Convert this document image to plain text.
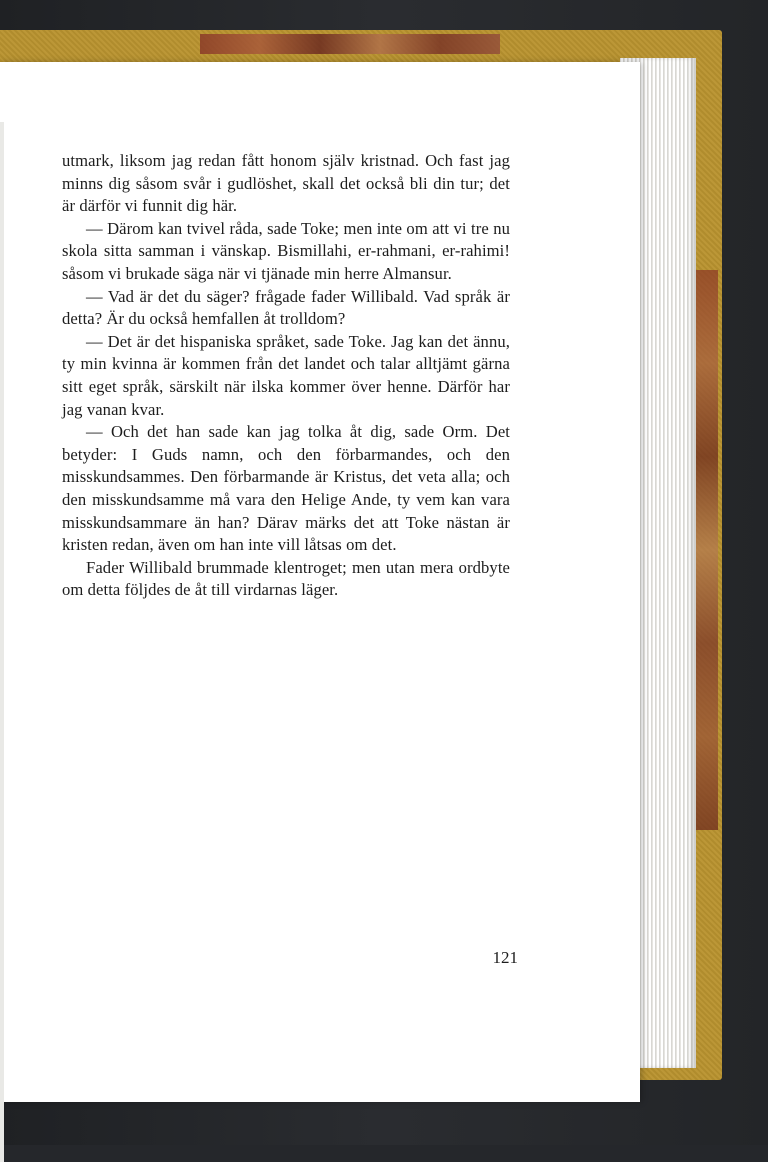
utmark, liksom jag redan fått honom själv kristnad. Och fast jag minns dig såsom svår i gudlöshet, skall det också bli din tur; det är därför vi funnit dig här.

— Därom kan tvivel råda, sade Toke; men inte om att vi tre nu skola sitta samman i vänskap. Bismillahi, er-rahmani, er-rahimi! såsom vi brukade säga när vi tjänade min herre Almansur.

— Vad är det du säger? frågade fader Willibald. Vad språk är detta? Är du också hemfallen åt trolldom?

— Det är det hispaniska språket, sade Toke. Jag kan det ännu, ty min kvinna är kommen från det landet och talar alltjämt gärna sitt eget språk, särskilt när ilska kommer över henne. Därför har jag vanan kvar.

— Och det han sade kan jag tolka åt dig, sade Orm. Det betyder: I Guds namn, och den förbarmandes, och den misskundsammes. Den förbarmande är Kristus, det veta alla; och den misskundsamme må vara den Helige Ande, ty vem kan vara misskundsammare än han? Därav märks det att Toke nästan är kristen redan, även om han inte vill låtsas om det.

Fader Willibald brummade klentroget; men utan mera ordbyte om detta följdes de åt till virdarnas läger.

121
